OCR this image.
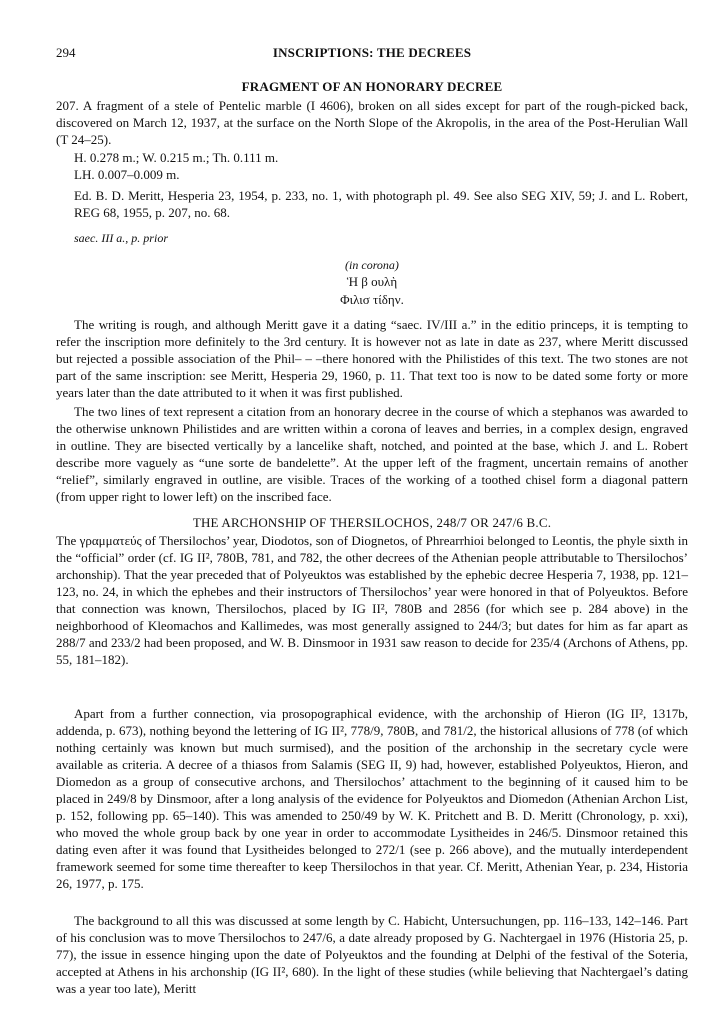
294	INSCRIPTIONS: THE DECREES
FRAGMENT OF AN HONORARY DECREE

207. A fragment of a stele of Pentelic marble (I 4606), broken on all sides except for part of the rough-picked back, discovered on March 12, 1937, at the surface on the North Slope of the Akropolis, in the area of the Post-Herulian Wall (T 24–25).

H. 0.278 m.; W. 0.215 m.; Th. 0.111 m.

LH. 0.007–0.009 m.

Ed. B. D. Meritt, Hesperia 23, 1954, p. 233, no. 1, with photograph pl. 49. See also SEG XIV, 59; J. and L. Robert, REG 68, 1955, p. 207, no. 68.

saec. III a., p. prior

(in corona)
Ἡ β ουλὴ
Φιλισ τίδην.

The writing is rough, and although Meritt gave it a dating “saec. IV/III a.” in the editio princeps, it is tempting to refer the inscription more definitely to the 3rd century. It is however not as late in date as 237, where Meritt discussed but rejected a possible association of the Phil– – –there honored with the Philistides of this text. The two stones are not part of the same inscription: see Meritt, Hesperia 29, 1960, p. 11. That text too is now to be dated some forty or more years later than the date attributed to it when it was first published.

The two lines of text represent a citation from an honorary decree in the course of which a stephanos was awarded to the otherwise unknown Philistides and are written within a corona of leaves and berries, in a complex design, engraved in outline. They are bisected vertically by a lancelike shaft, notched, and pointed at the base, which J. and L. Robert describe more vaguely as “une sorte de bandelette”. At the upper left of the fragment, uncertain remains of another “relief”, similarly engraved in outline, are visible. Traces of the working of a toothed chisel form a diagonal pattern (from upper right to lower left) on the inscribed face.

THE ARCHONSHIP OF THERSILOCHOS, 248/7 OR 247/6 B.C.

The γραμματεύς of Thersilochos’ year, Diodotos, son of Diognetos, of Phrearrhioi belonged to Leontis, the phyle sixth in the “official” order (cf. IG II², 780B, 781, and 782, the other decrees of the Athenian people attributable to Thersilochos’ archonship). That the year preceded that of Polyeuktos was established by the ephebic decree Hesperia 7, 1938, pp. 121–123, no. 24, in which the ephebes and their instructors of Thersilochos’ year were honored in that of Polyeuktos. Before that connection was known, Thersilochos, placed by IG II², 780B and 2856 (for which see p. 284 above) in the neighborhood of Kleomachos and Kallimedes, was most generally assigned to 244/3; but dates for him as far apart as 288/7 and 233/2 had been proposed, and W. B. Dinsmoor in 1931 saw reason to decide for 235/4 (Archons of Athens, pp. 55, 181–182).

Apart from a further connection, via prosopographical evidence, with the archonship of Hieron (IG II², 1317b, addenda, p. 673), nothing beyond the lettering of IG II², 778/9, 780B, and 781/2, the historical allusions of 778 (of which nothing certainly was known but much surmised), and the position of the archonship in the secretary cycle were available as criteria. A decree of a thiasos from Salamis (SEG II, 9) had, however, established Polyeuktos, Hieron, and Diomedon as a group of consecutive archons, and Thersilochos’ attachment to the beginning of it caused him to be placed in 249/8 by Dinsmoor, after a long analysis of the evidence for Polyeuktos and Diomedon (Athenian Archon List, p. 152, following pp. 65–140). This was amended to 250/49 by W. K. Pritchett and B. D. Meritt (Chronology, p. xxi), who moved the whole group back by one year in order to accommodate Lysitheides in 246/5. Dinsmoor retained this dating even after it was found that Lysitheides belonged to 272/1 (see p. 266 above), and the mutually interdependent framework seemed for some time thereafter to keep Thersilochos in that year. Cf. Meritt, Athenian Year, p. 234, Historia 26, 1977, p. 175.

The background to all this was discussed at some length by C. Habicht, Untersuchungen, pp. 116–133, 142–146. Part of his conclusion was to move Thersilochos to 247/6, a date already proposed by G. Nachtergael in 1976 (Historia 25, p. 77), the issue in essence hinging upon the date of Polyeuktos and the founding at Delphi of the festival of the Soteria, accepted at Athens in his archonship (IG II², 680). In the light of these studies (while believing that Nachtergael’s dating was a year too late), Meritt
